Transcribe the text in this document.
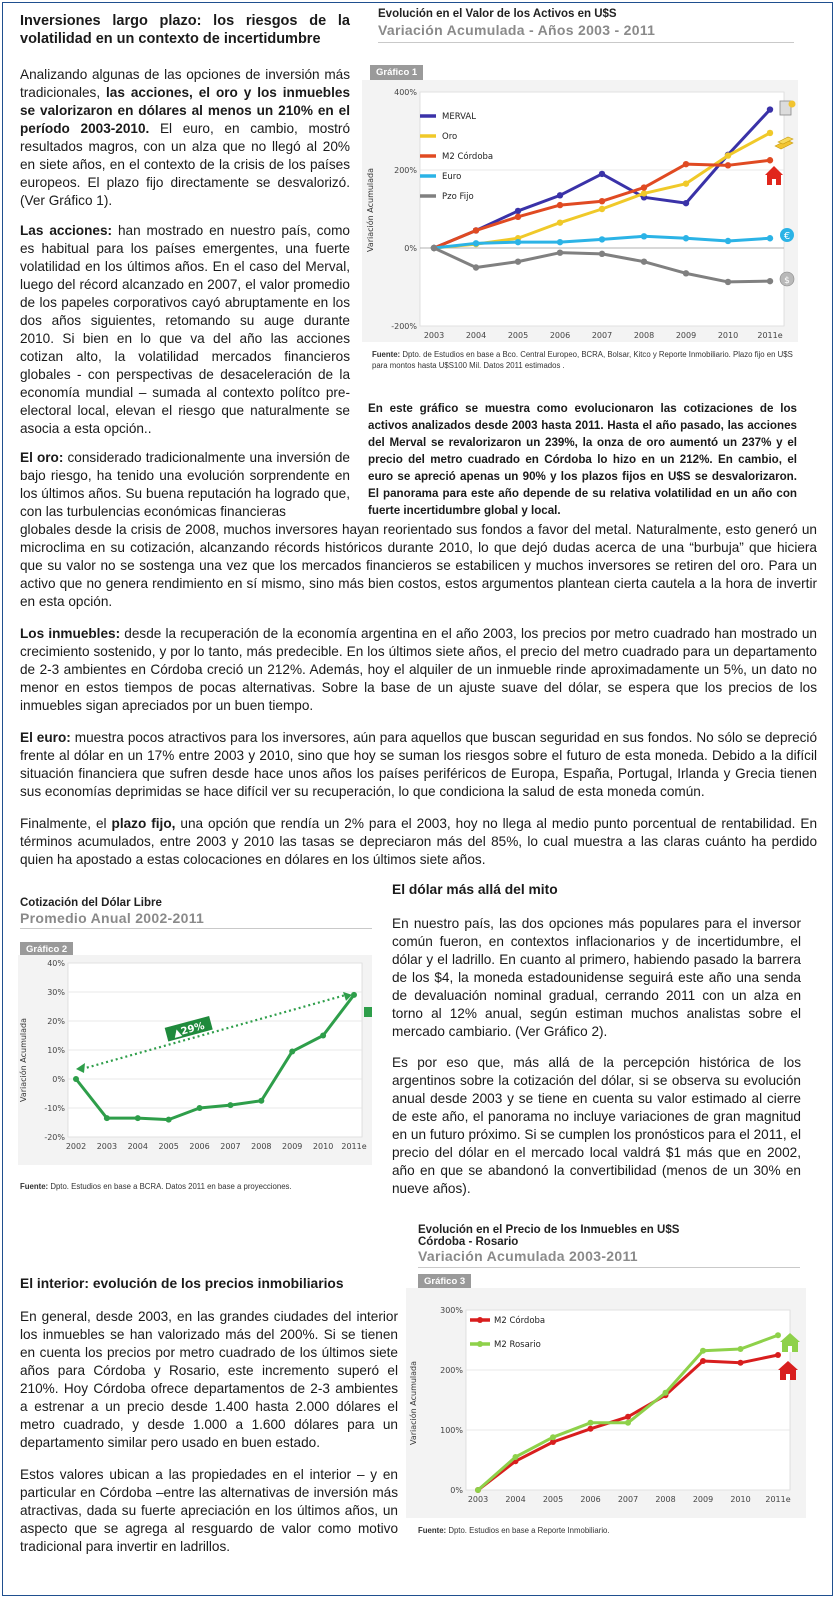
Inversiones largo plazo: los riesgos de la volatilidad en un contexto de incertidumbre

Analizando algunas de las opciones de inversión más tradicionales, las acciones, el oro y los inmuebles se valorizaron en dólares al menos un 210% en el período 2003-2010. El euro, en cambio, mostró resultados magros, con un alza que no llegó al 20% en siete años, en el contexto de la crisis de los países europeos. El plazo fijo directamente se desvalorizó. (Ver Gráfico 1).

Las acciones: han mostrado en nuestro país, como es habitual para los países emergentes, una fuerte volatilidad en los últimos años. En el caso del Merval, luego del récord alcanzado en 2007, el valor promedio de los papeles corporativos cayó abruptamente en los dos años siguientes, retomando su auge durante 2010. Si bien en lo que va del año las acciones cotizan alto, la volatilidad mercados financieros globales - con perspectivas de desaceleración de la economía mundial – sumada al contexto polítco pre-electoral local, elevan el riesgo que naturalmente se asocia a esta opción..

El oro: considerado tradicionalmente una inversión de bajo riesgo, ha tenido una evolución sorprendente en los últimos años. Su buena reputación ha logrado que, con las turbulencias económicas financieras

globales desde la crisis de 2008, muchos inversores hayan reorientado sus fondos a favor del metal. Naturalmente, esto generó un microclima en su cotización, alcanzando récords históricos durante 2010, lo que dejó dudas acerca de una “burbuja” que hiciera que su valor no se sostenga una vez que los mercados financieros se estabilicen y muchos inversores se retiren del oro. Para un activo que no genera rendimiento en sí mismo, sino más bien costos, estos argumentos plantean cierta cautela a la hora de invertir en esta opción.

Los inmuebles: desde la recuperación de la economía argentina en el año 2003, los precios por metro cuadrado han mostrado un crecimiento sostenido, y por lo tanto, más predecible. En los últimos siete años, el precio del metro cuadrado para un departamento de 2-3 ambientes en Córdoba creció un 212%. Además, hoy el alquiler de un inmueble rinde aproximadamente un 5%, un dato no menor en estos tiempos de pocas alternativas. Sobre la base de un ajuste suave del dólar, se espera que los precios de los inmuebles sigan apreciados por un buen tiempo.

El euro: muestra pocos atractivos para los inversores, aún para aquellos que buscan seguridad en sus fondos. No sólo se depreció frente al dólar en un 17% entre 2003 y 2010, sino que hoy se suman los riesgos sobre el futuro de esta moneda. Debido a la difícil situación financiera que sufren desde hace unos años los países periféricos de Europa, España, Portugal, Irlanda y Grecia tienen sus economías deprimidas se hace difícil ver su recuperación, lo que condiciona la salud de esta moneda común.

Finalmente, el plazo fijo, una opción que rendía un 2% para el 2003, hoy no llega al medio punto porcentual de rentabilidad. En términos acumulados, entre 2003 y 2010 las tasas se depreciaron más del 85%, lo cual muestra a las claras cuánto ha perdido quien ha apostado a estas colocaciones en dólares en los últimos siete años.

Evolución en el Valor de los Activos en U$S
Variación Acumulada - Años 2003 - 2011
Gráfico 1
Variación Acumulada
-200%
0%
200%
400%
2003	2004	2005	2006	2007	2008	2009	2010 2011e
MERVAL
Oro
M2 Córdoba
Euro
Pzo Fijo
€
$
Fuente: Dpto. de Estudios en base a Bco. Central Europeo, BCRA, Bolsar, Kitco y Reporte Inmobiliario. Plazo fijo en U$S para montos hasta U$S100 Mil. Datos 2011 estimados .

En este gráfico se muestra como evolucionaron las cotizaciones de los activos analizados desde 2003 hasta 2011. Hasta el año pasado, las acciones del Merval se revalorizaron un 239%, la onza de oro aumentó un 237% y el precio del metro cuadrado en Córdoba lo hizo en un 212%. En cambio, el euro se apreció apenas un 90% y los plazos fijos en U$S se desvalorizaron. El panorama para este año depende de su relativa volatilidad en un año con fuerte incertidumbre global y local.

Cotización del Dólar Libre
Promedio Anual 2002-2011
Gráfico 2
Variación Acumulada
-20%
-10%
0%
10%
20%
30%
40%
2002 2003 2004 2005 2006 2007 2008 2009 2010 2011e
▲29%
Fuente: Dpto. Estudios en base a BCRA. Datos 2011 en base a proyecciones.
El dólar más allá del mito

En nuestro país, las dos opciones más populares para el inversor común fueron, en contextos inflacionarios y de incertidumbre, el dólar y el ladrillo. En cuanto al primero, habiendo pasado la barrera de los $4, la moneda estadounidense seguirá este año una senda de devaluación nominal gradual, cerrando 2011 con un alza en torno al 12% anual, según estiman muchos analistas sobre el mercado cambiario. (Ver Gráfico 2).

Es por eso que, más allá de la percepción histórica de los argentinos sobre la cotización del dólar, si se observa su evolución anual desde 2003 y se tiene en cuenta su valor estimado al cierre de este año, el panorama no incluye variaciones de gran magnitud en un futuro próximo. Si se cumplen los pronósticos para el 2011, el precio del dólar en el mercado local valdrá $1 más que en 2002, año en que se abandonó la convertibilidad (menos de un 30% en nueve años).

Evolución en el Precio de los Inmuebles en U$S
Córdoba - Rosario
Variación Acumulada 2003-2011
Gráfico 3
Variación Acumulada
0%
100%
200%
300%
2003 2004 2005 2006 2007 2008 2009 2010 2011e
M2 Córdoba
M2 Rosario
Fuente: Dpto. Estudios en base a Reporte Inmobiliario.
El interior: evolución de los precios inmobiliarios

En general, desde 2003, en las grandes ciudades del interior los inmuebles se han valorizado más del 200%. Si se tienen en cuenta los precios por metro cuadrado de los últimos siete años para Córdoba y Rosario, este incremento superó el 210%. Hoy Córdoba ofrece departamentos de 2-3 ambientes a estrenar a un precio desde 1.400 hasta 2.000 dólares el metro cuadrado, y desde 1.000 a 1.600 dólares para un departamento similar pero usado en buen estado.

Estos valores ubican a las propiedades en el interior – y en particular en Córdoba –entre las alternativas de inversión más atractivas, dada su fuerte apreciación en los últimos años, un aspecto que se agrega al resguardo de valor como motivo tradicional para invertir en ladrillos.
